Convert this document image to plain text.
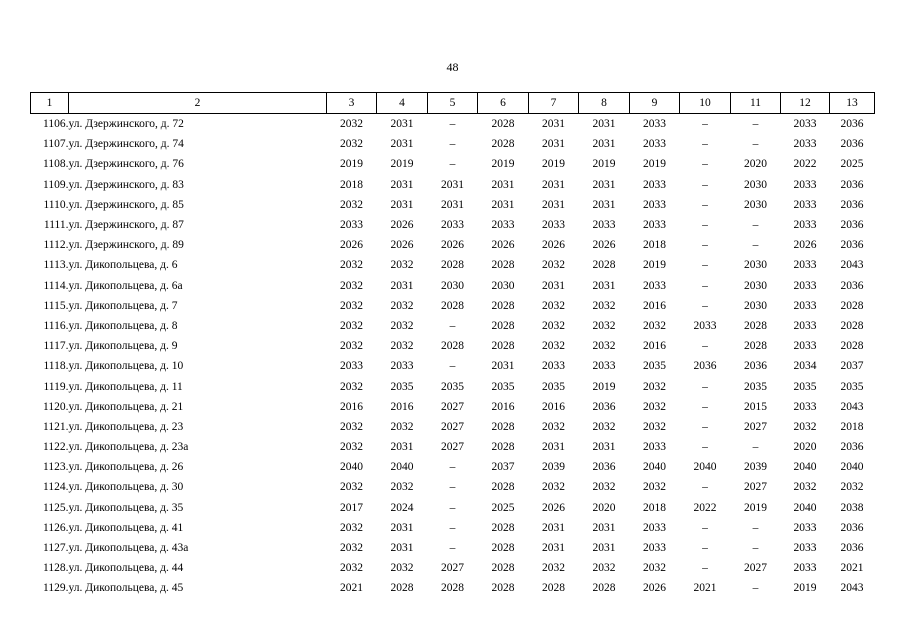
48
1	2	3	4	5	6	7	8	9	10	11	12	13
1106.	ул. Дзержинского, д. 72	2032	2031	–	2028	2031	2031	2033	–	–	2033	2036
1107.	ул. Дзержинского, д. 74	2032	2031	–	2028	2031	2031	2033	–	–	2033	2036
1108.	ул. Дзержинского, д. 76	2019	2019	–	2019	2019	2019	2019	–	2020	2022	2025
1109.	ул. Дзержинского, д. 83	2018	2031	2031	2031	2031	2031	2033	–	2030	2033	2036
1110.	ул. Дзержинского, д. 85	2032	2031	2031	2031	2031	2031	2033	–	2030	2033	2036
1111.	ул. Дзержинского, д. 87	2033	2026	2033	2033	2033	2033	2033	–	–	2033	2036
1112.	ул. Дзержинского, д. 89	2026	2026	2026	2026	2026	2026	2018	–	–	2026	2036
1113.	ул. Дикопольцева, д. 6	2032	2032	2028	2028	2032	2028	2019	–	2030	2033	2043
1114.	ул. Дикопольцева, д. 6а	2032	2031	2030	2030	2031	2031	2033	–	2030	2033	2036
1115.	ул. Дикопольцева, д. 7	2032	2032	2028	2028	2032	2032	2016	–	2030	2033	2028
1116.	ул. Дикопольцева, д. 8	2032	2032	–	2028	2032	2032	2032	2033	2028	2033	2028
1117.	ул. Дикопольцева, д. 9	2032	2032	2028	2028	2032	2032	2016	–	2028	2033	2028
1118.	ул. Дикопольцева, д. 10	2033	2033	–	2031	2033	2033	2035	2036	2036	2034	2037
1119.	ул. Дикопольцева, д. 11	2032	2035	2035	2035	2035	2019	2032	–	2035	2035	2035
1120.	ул. Дикопольцева, д. 21	2016	2016	2027	2016	2016	2036	2032	–	2015	2033	2043
1121.	ул. Дикопольцева, д. 23	2032	2032	2027	2028	2032	2032	2032	–	2027	2032	2018
1122.	ул. Дикопольцева, д. 23а	2032	2031	2027	2028	2031	2031	2033	–	–	2020	2036
1123.	ул. Дикопольцева, д. 26	2040	2040	–	2037	2039	2036	2040	2040	2039	2040	2040
1124.	ул. Дикопольцева, д. 30	2032	2032	–	2028	2032	2032	2032	–	2027	2032	2032
1125.	ул. Дикопольцева, д. 35	2017	2024	–	2025	2026	2020	2018	2022	2019	2040	2038
1126.	ул. Дикопольцева, д. 41	2032	2031	–	2028	2031	2031	2033	–	–	2033	2036
1127.	ул. Дикопольцева, д. 43а	2032	2031	–	2028	2031	2031	2033	–	–	2033	2036
1128.	ул. Дикопольцева, д. 44	2032	2032	2027	2028	2032	2032	2032	–	2027	2033	2021
1129.	ул. Дикопольцева, д. 45	2021	2028	2028	2028	2028	2028	2026	2021	–	2019	2043
